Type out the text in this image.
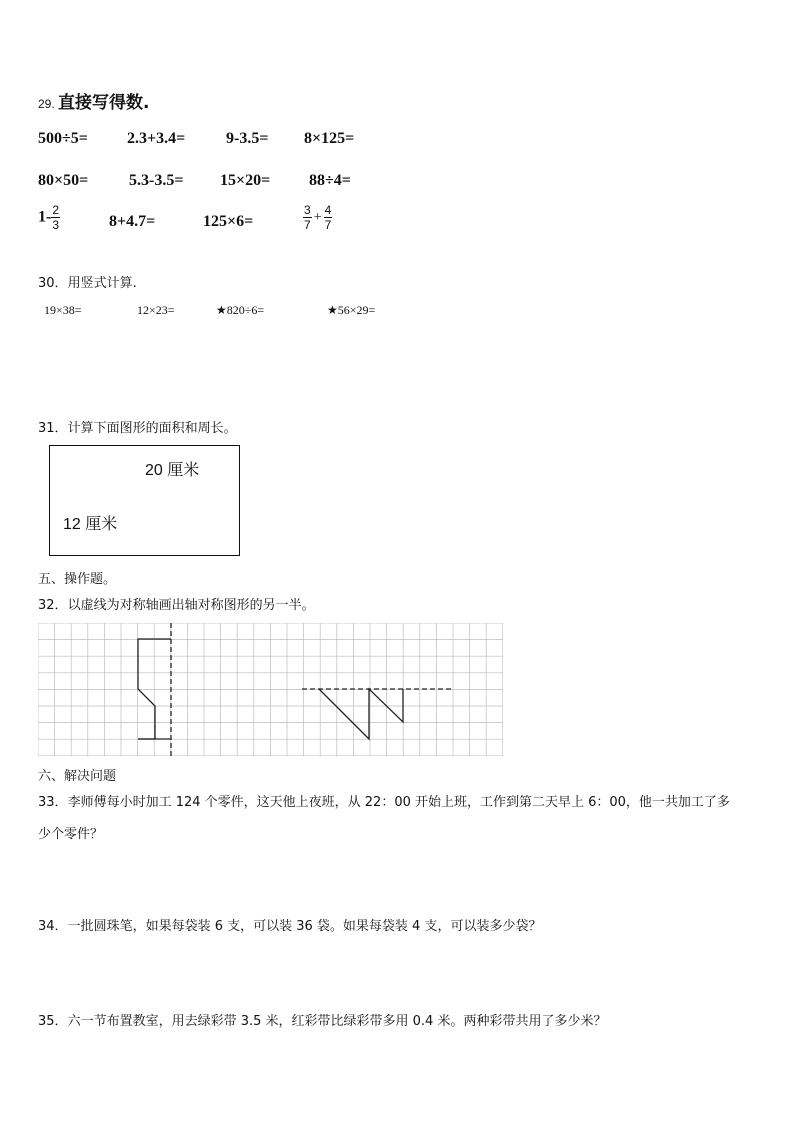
29. 直接写得数.
500÷5= 2.3+3.4=	9-3.5= 8×125=
80×50=	5.3-3.5= 15×20= 88÷4=
$1- \frac{2}{3}$	8+4.7=	125×6=	$\frac{3}{7} + \frac{4}{7}$
30．用竖式计算.
19×38=	12×23=	★820÷6=	★56×29=
31．计算下面图形的面积和周长。
20 厘米
12 厘米
五、操作题。
32．以虚线为对称轴画出轴对称图形的另一半。
六、解决问题
33．李师傅每小时加工 124 个零件，这天他上夜班，从 22：00 开始上班，工作到第二天早上 6：00，他一共加工了多
少个零件？
34．一批圆珠笔，如果每袋装 6 支，可以装 36 袋。如果每袋装 4 支，可以装多少袋？
35．六一节布置教室，用去绿彩带 3.5 米，红彩带比绿彩带多用 0.4 米。两种彩带共用了多少米？
